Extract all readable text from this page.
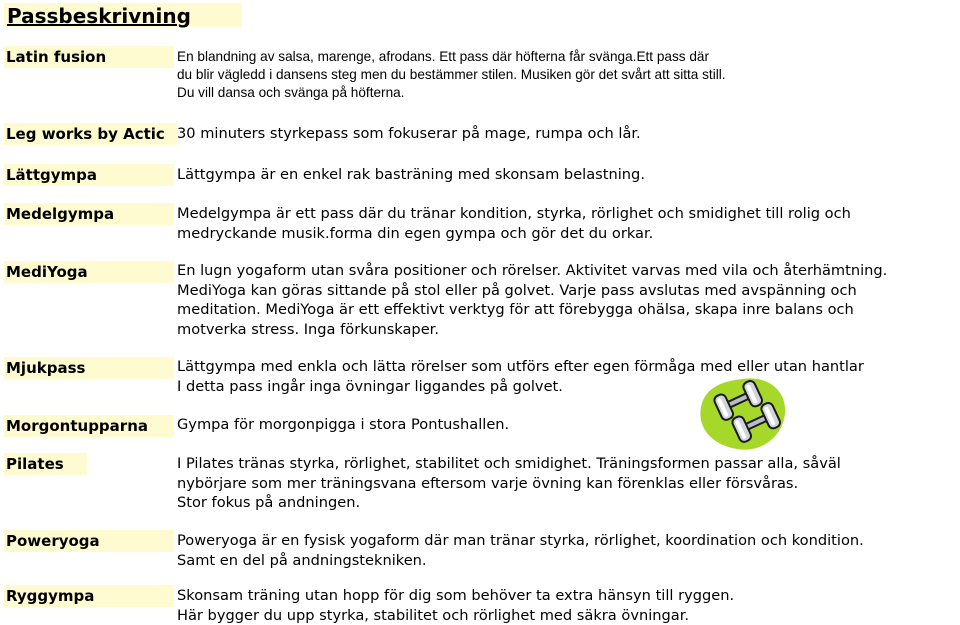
Passbeskrivning
Latin fusion	En blandning av salsa, marenge, afrodans. Ett pass där höfterna får svänga.Ett pass där
du blir vägledd i dansens steg men du bestämmer stilen. Musiken gör det svårt att sitta still.
Du vill dansa och svänga på höfterna.
Leg works by Actic 30 minuters styrkepass som fokuserar på mage, rumpa och lår.
Lättgympa	Lättgympa är en enkel rak basträning med skonsam belastning.
Medelgympa	Medelgympa är ett pass där du tränar kondition, styrka, rörlighet och smidighet till rolig och
medryckande musik.forma din egen gympa och gör det du orkar.
MediYoga	En lugn yogaform utan svåra positioner och rörelser. Aktivitet varvas med vila och återhämtning.
MediYoga kan göras sittande på stol eller på golvet. Varje pass avslutas med avspänning och
meditation. MediYoga är ett effektivt verktyg för att förebygga ohälsa, skapa inre balans och
motverka stress. Inga förkunskaper.
Mjukpass	Lättgympa med enkla och lätta rörelser som utförs efter egen förmåga med eller utan hantlar
I detta pass ingår inga övningar liggandes på golvet.
Morgontupparna	Gympa för morgonpigga i stora Pontushallen.
Pilates	I Pilates tränas styrka, rörlighet, stabilitet och smidighet. Träningsformen passar alla, såväl
nybörjare som mer träningsvana eftersom varje övning kan förenklas eller försvåras.
Stor fokus på andningen.
Poweryoga	Poweryoga är en fysisk yogaform där man tränar styrka, rörlighet, koordination och kondition.
Samt en del på andningstekniken.
Ryggympa	Skonsam träning utan hopp för dig som behöver ta extra hänsyn till ryggen.
Här bygger du upp styrka, stabilitet och rörlighet med säkra övningar.
